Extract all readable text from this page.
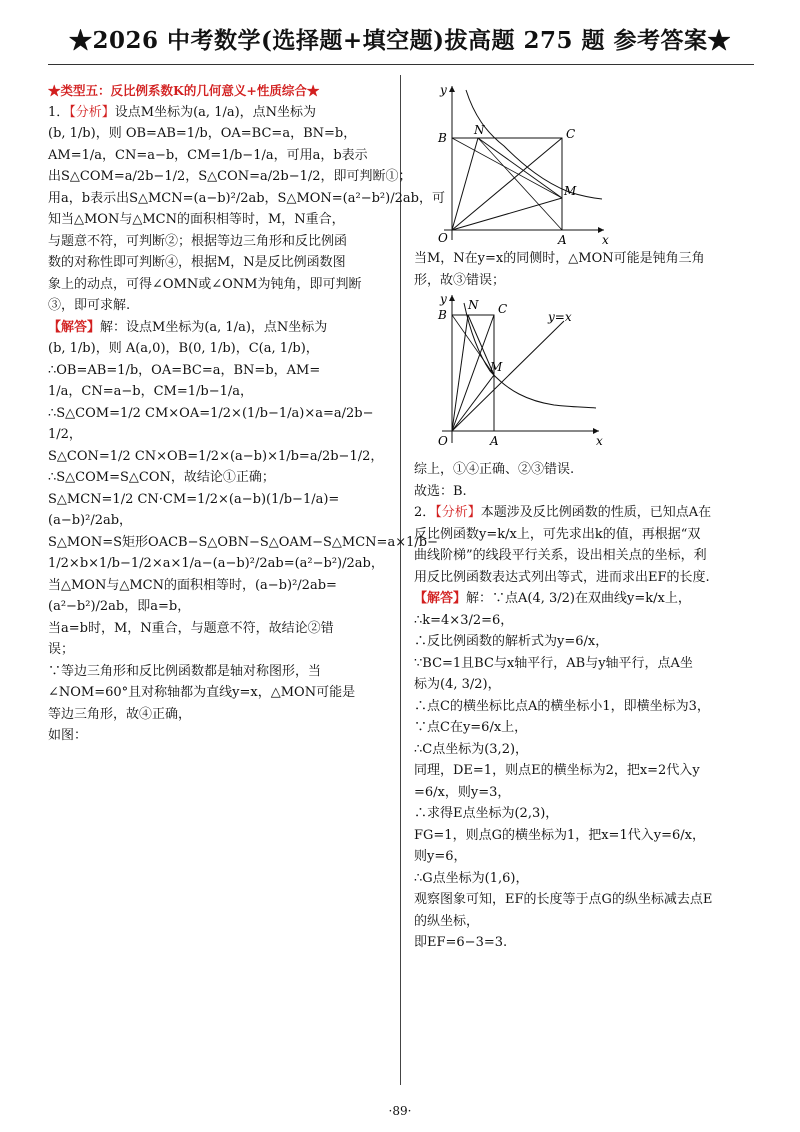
★2026 中考数学(选择题+填空题)拔高题 275 题 参考答案★
★类型五：反比例系数K的几何意义+性质综合★
1．【分析】设点M坐标为(a, 1/a)，点N坐标为
(b, 1/b)，则 OB=AB=1/b，OA=BC=a，BN=b，
AM=1/a，CN=a−b，CM=1/b−1/a，可用a，b表示
出S△COM=a/2b−1/2，S△CON=a/2b−1/2，即可判断①；
用a，b表示出S△MCN=(a−b)²/2ab，S△MON=(a²−b²)/2ab，可
知当△MON与△MCN的面积相等时，M，N重合，
与题意不符，可判断②；根据等边三角形和反比例函
数的对称性即可判断④，根据M，N是反比例函数图
象上的动点，可得∠OMN或∠ONM为钝角，即可判断
③，即可求解.
【解答】解：设点M坐标为(a, 1/a)，点N坐标为
(b, 1/b)，则 A(a,0)，B(0, 1/b)，C(a, 1/b)，
∴OB=AB=1/b，OA=BC=a，BN=b，AM=
1/a，CN=a−b，CM=1/b−1/a，
∴S△COM=1/2 CM×OA=1/2×(1/b−1/a)×a=a/2b−
1/2，
S△CON=1/2 CN×OB=1/2×(a−b)×1/b=a/2b−1/2，
∴S△COM=S△CON，故结论①正确；
S△MCN=1/2 CN·CM=1/2×(a−b)(1/b−1/a)=
(a−b)²/2ab，
S△MON=S矩形OACB−S△OBN−S△OAM−S△MCN=a×1/b−
1/2×b×1/b−1/2×a×1/a−(a−b)²/2ab=(a²−b²)/2ab，
当△MON与△MCN的面积相等时，(a−b)²/2ab=
(a²−b²)/2ab，即a=b，
当a=b时，M，N重合，与题意不符，故结论②错
误；
∵等边三角形和反比例函数都是轴对称图形，当
∠NOM=60°且对称轴都为直线y=x，△MON可能是
等边三角形，故④正确，
如图：
y
x
O	A
B	C
N
M
当M，N在y=x的同侧时，△MON可能是钝角三角
形，故③错误；
y
x
O	A
B	C
N
M
y=x
综上，①④正确、②③错误.
故选：B.
2．【分析】本题涉及反比例函数的性质，已知点A在
反比例函数y=k/x上，可先求出k的值，再根据“双
曲线阶梯”的线段平行关系，设出相关点的坐标，利
用反比例函数表达式列出等式，进而求出EF的长度.
【解答】解：∵点A(4, 3/2)在双曲线y=k/x上，
∴k=4×3/2=6，
∴反比例函数的解析式为y=6/x，
∵BC=1且BC与x轴平行，AB与y轴平行，点A坐
标为(4, 3/2)，
∴点C的横坐标比点A的横坐标小1，即横坐标为3，
∵点C在y=6/x上，
∴C点坐标为(3,2)，
同理，DE=1，则点E的横坐标为2，把x=2代入y
=6/x，则y=3，
∴求得E点坐标为(2,3)，
FG=1，则点G的横坐标为1，把x=1代入y=6/x，
则y=6，
∴G点坐标为(1,6)，
观察图象可知，EF的长度等于点G的纵坐标减去点E
的纵坐标，
即EF=6−3=3.
·89·
